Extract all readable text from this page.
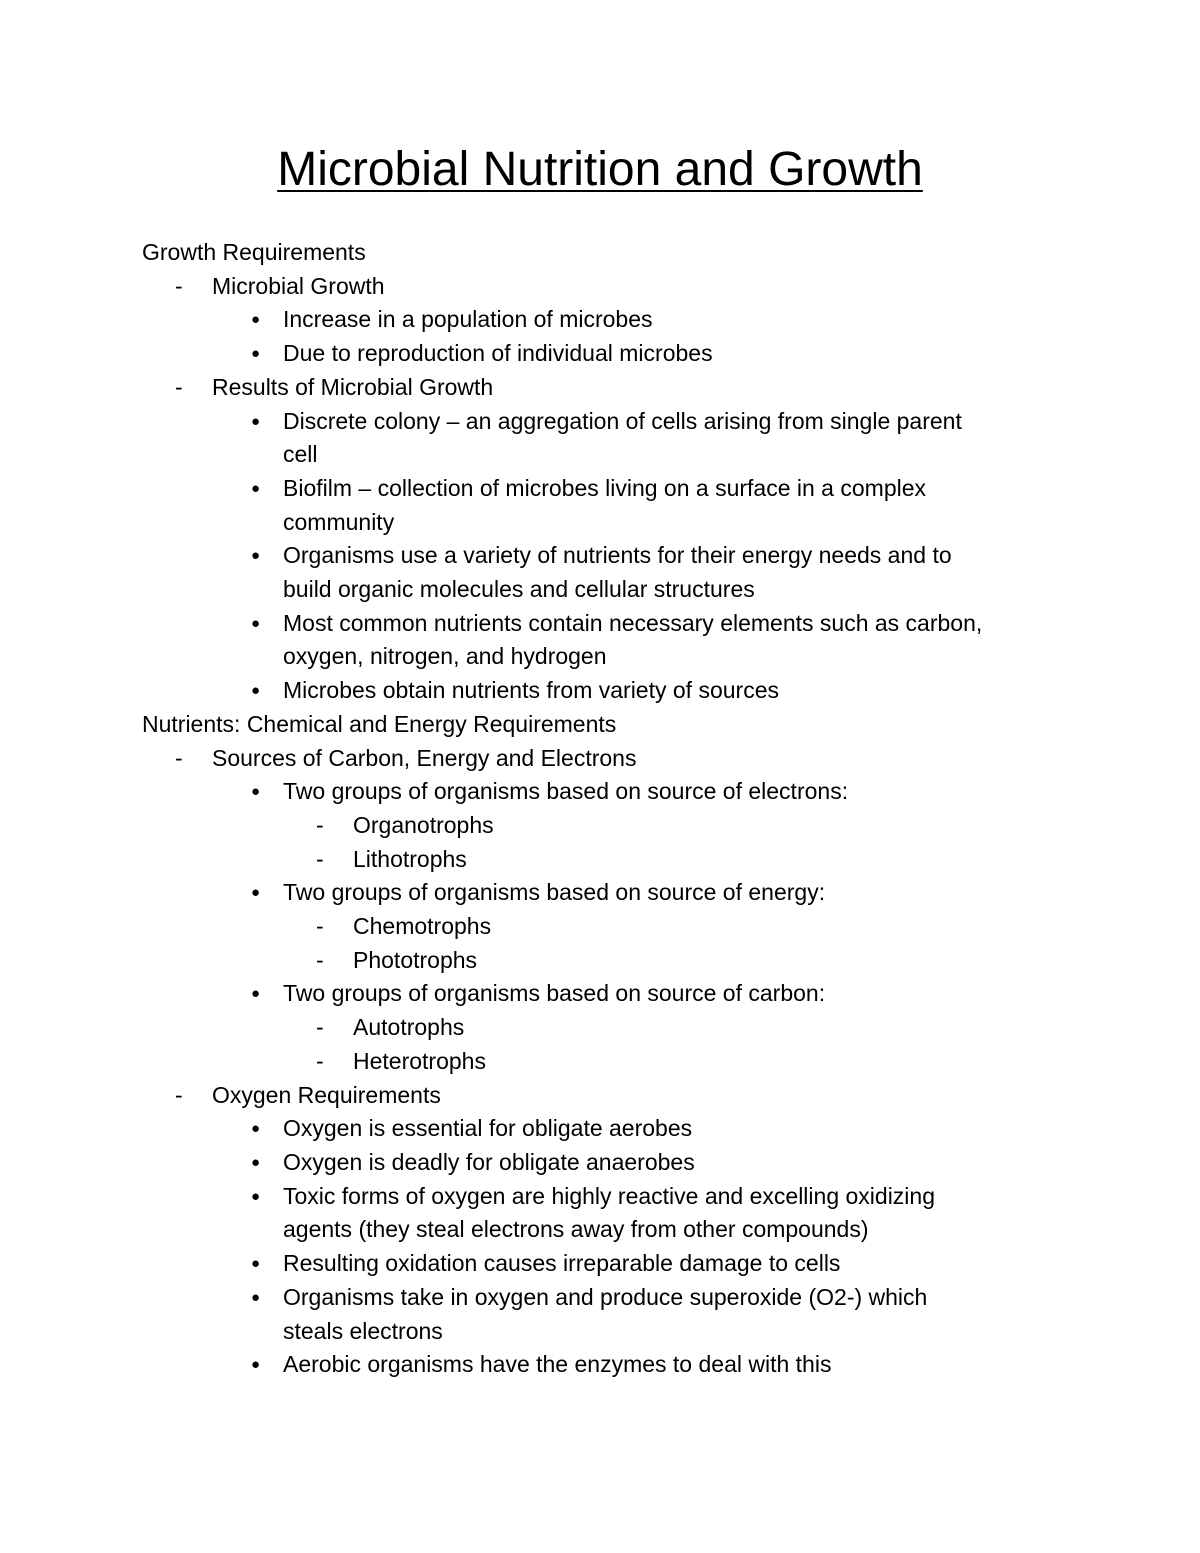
Microbial Nutrition and Growth
Growth Requirements
- Microbial Growth
● Increase in a population of microbes
● Due to reproduction of individual microbes
- Results of Microbial Growth
● Discrete colony – an aggregation of cells arising from single parent
cell
● Biofilm – collection of microbes living on a surface in a complex
community
● Organisms use a variety of nutrients for their energy needs and to
build organic molecules and cellular structures
● Most common nutrients contain necessary elements such as carbon,
oxygen, nitrogen, and hydrogen
● Microbes obtain nutrients from variety of sources
Nutrients: Chemical and Energy Requirements
- Sources of Carbon, Energy and Electrons
● Two groups of organisms based on source of electrons:
- Organotrophs
- Lithotrophs
● Two groups of organisms based on source of energy:
- Chemotrophs
- Phototrophs
● Two groups of organisms based on source of carbon:
- Autotrophs
- Heterotrophs
- Oxygen Requirements
● Oxygen is essential for obligate aerobes
● Oxygen is deadly for obligate anaerobes
● Toxic forms of oxygen are highly reactive and excelling oxidizing
agents (they steal electrons away from other compounds)
● Resulting oxidation causes irreparable damage to cells
● Organisms take in oxygen and produce superoxide (O2-) which
steals electrons
● Aerobic organisms have the enzymes to deal with this
